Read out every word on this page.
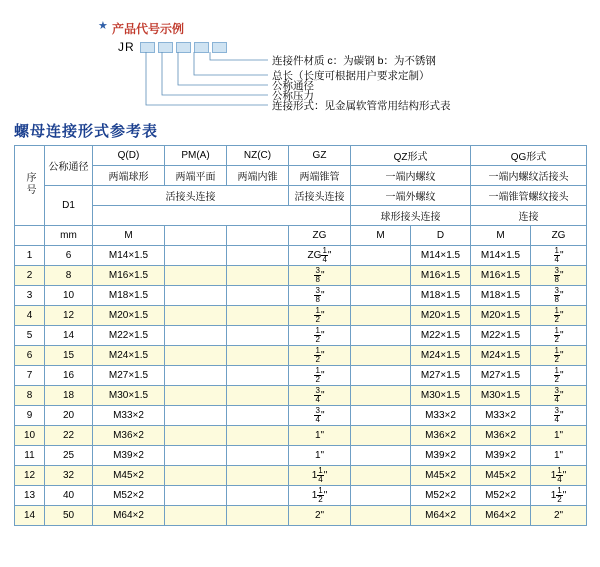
★ 产品代号示例
JR
连接件材质 c：为碳钢 b：为不锈钢
总长（长度可根据用户要求定制）
公称通径
公称压力
连接形式：见金属软管常用结构形式表
螺母连接形式参考表
序号	公称通径	Q(D)	PM(A)	NZ(C)	GZ	QZ形式		QG形式	
		两端球形	两端平面	两端内锥	两端锥管	一端内螺纹		一端内螺纹活接头	
	D1	活接头连接			活接头连接	一端外螺纹		一端锥管螺纹接头	
						球形接头连接		连接	
	mm	M			ZG	M	D	M	ZG
1	6	M14×1.5			ZG $\frac{1}{4}$ "		M14×1.5	M14×1.5	$\frac{1}{4}$ "
2	8	M16×1.5			$\frac{3}{8}$ "		M16×1.5	M16×1.5	$\frac{3}{8}$ "
3	10	M18×1.5			$\frac{3}{8}$ "		M18×1.5	M18×1.5	$\frac{3}{8}$ "
4	12	M20×1.5			$\frac{1}{2}$ "		M20×1.5	M20×1.5	$\frac{1}{2}$ "
5	14	M22×1.5			$\frac{1}{2}$ "		M22×1.5	M22×1.5	$\frac{1}{2}$ "
6	15	M24×1.5			$\frac{1}{2}$ "		M24×1.5	M24×1.5	$\frac{1}{2}$ "
7	16	M27×1.5			$\frac{1}{2}$ "		M27×1.5	M27×1.5	$\frac{1}{2}$ "
8	18	M30×1.5			$\frac{3}{4}$ "		M30×1.5	M30×1.5	$\frac{3}{4}$ "
9	20	M33×2			$\frac{3}{4}$ "		M33×2	M33×2	$\frac{3}{4}$ "
10	22	M36×2			1"		M36×2	M36×2	1"
11	25	M39×2			1"		M39×2	M39×2	1"
12	32	M45×2			$1 \frac{1}{4}$ "		M45×2	M45×2	$1 \frac{1}{4}$ "
13	40	M52×2			$1 \frac{1}{2}$ "		M52×2	M52×2	$1 \frac{1}{2}$ "
14	50	M64×2			2"		M64×2	M64×2	2"
